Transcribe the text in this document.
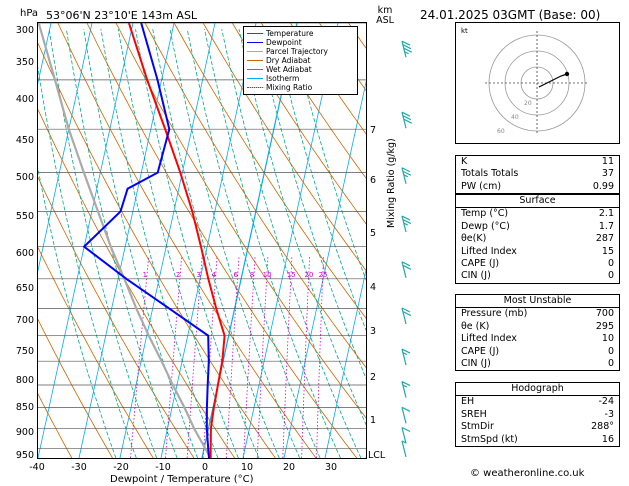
hPa 53°06'N 23°10'E 143m ASL	km
ASL 24.01.2025 03GMT (Base: 00)
1	2 3 4	6 8 10 15 20 25
300
350
400
450
500
550
600
650
700
750
800
850
900
950
-40	-30	-20	-10	0	10	20	30
Dewpoint / Temperature (°C)
7
6
5
4
3
2
1
LCL
Mixing Ratio (g/kg)
Temperature
Dewpoint
Parcel Trajectory
Dry Adiabat
Wet Adiabat
Isotherm
Mixing Ratio
kt
20
40
60
K	11
Totals Totals	37
PW (cm)	0.99
Surface
Temp (°C)	2.1
Dewp (°C)	1.7
θe(K)	287
Lifted Index	15
CAPE (J)	0
CIN (J)	0
Most Unstable
Pressure (mb)	700
θe (K)	295
Lifted Index	10
CAPE (J)	0
CIN (J)	0
Hodograph
EH	-24
SREH	-3
StmDir	288°
StmSpd (kt)	16
© weatheronline.co.uk
